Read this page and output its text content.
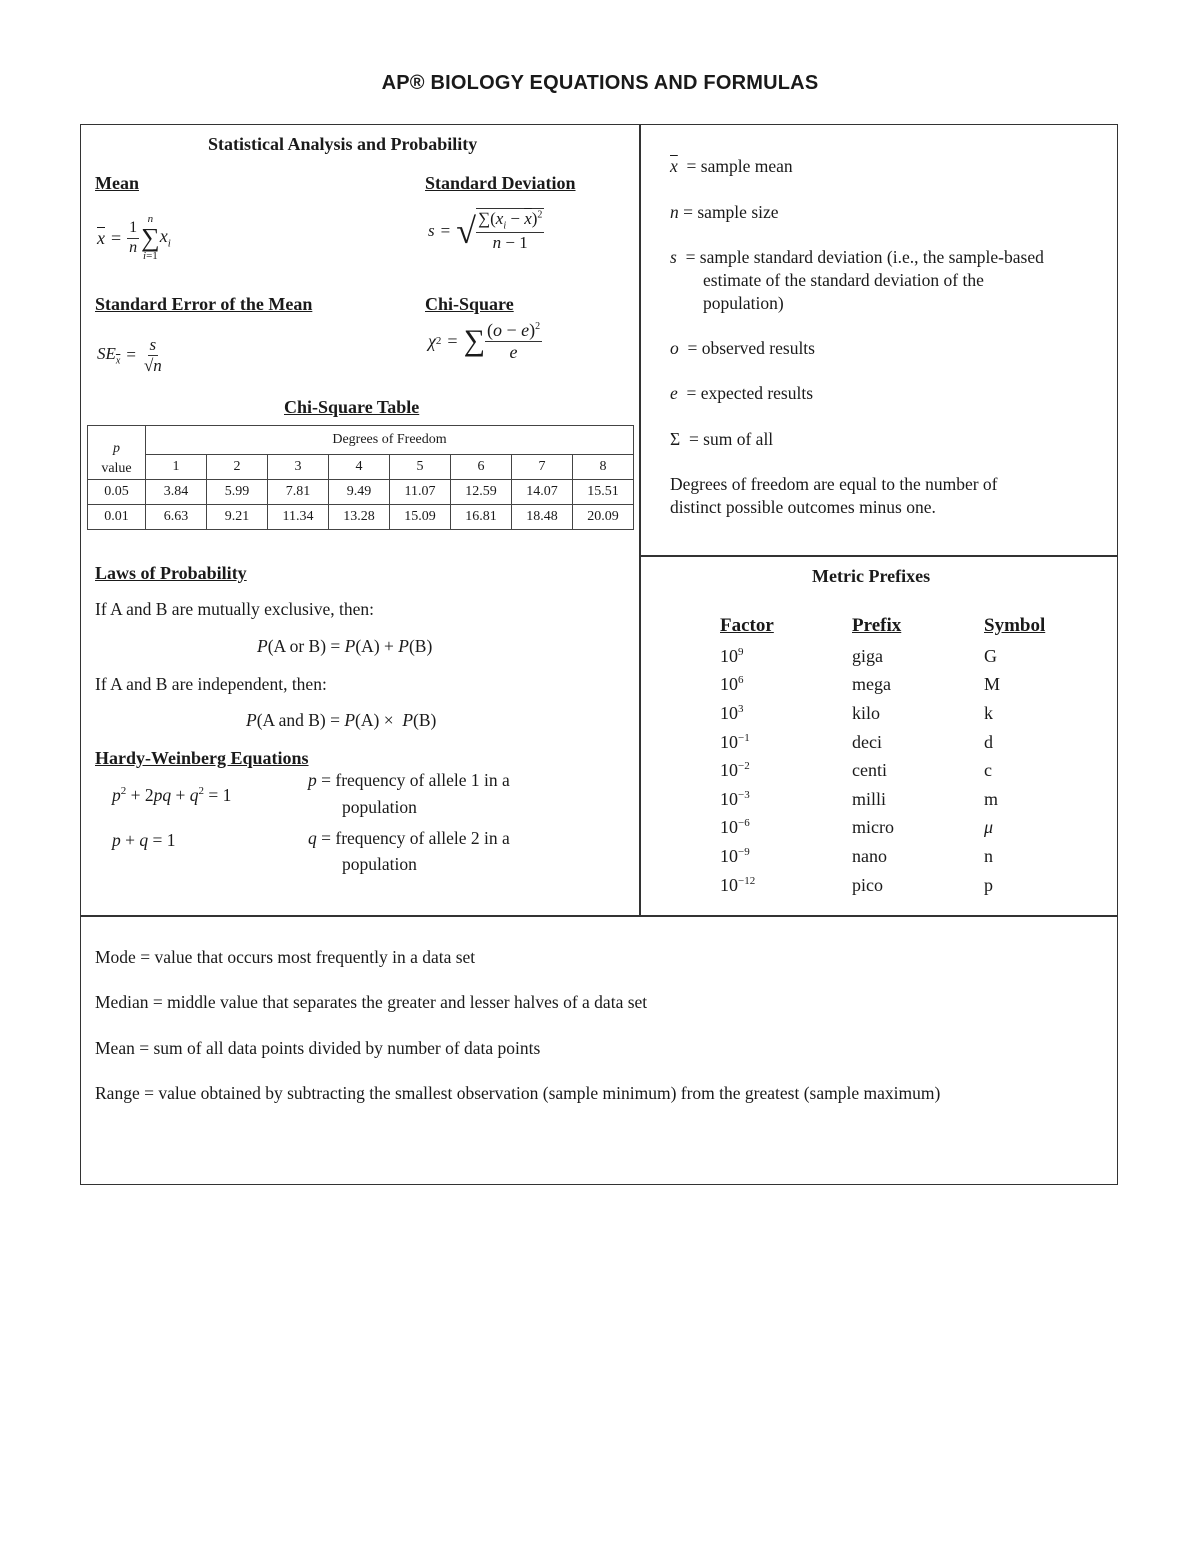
AP® BIOLOGY EQUATIONS AND FORMULAS
Statistical Analysis and Probability
Mean	Standard Deviation
$\overline{x} = \frac{1}{n}$
n
∑
i=1
$x_i$
s = √ $\frac{\sum(x_i - \overline{x})^2}{n - 1}$
Standard Error of the Mean	Chi-Square
$SE_{\overline{x}} = \frac{s}{√n}$	χ 2 = ∑ $\frac{(o - e)^2}{e}$
Chi-Square Table
p
value	Degrees of Freedom							
	1	2	3	4	5	6	7	8
0.05	3.84	5.99	7.81	9.49	11.07	12.59	14.07	15.51
0.01	6.63	9.21	11.34	13.28	15.09	16.81	18.48	20.09
Laws of Probability
If A and B are mutually exclusive, then:
P(A or B) = P(A) + P(B)
If A and B are independent, then:
P(A and B) = P(A) ×  P(B)
Hardy-Weinberg Equations
$p^2 + 2pq + q^2 = 1$
p + q = 1
p = frequency of allele 1 in a
population
q = frequency of allele 2 in a
population
$\overline{x}$ = sample mean
n = sample size
s = sample standard deviation (i.e., the sample-based
estimate of the standard deviation of the
population)
o = observed results
e = expected results
Σ  = sum of all
Degrees of freedom are equal to the number of
distinct possible outcomes minus one.
Metric Prefixes
Factor	Prefix	Symbol
$10^9$	giga	G
$10^6$	mega	M
$10^3$	kilo	k
$10^{-1}$	deci	d
$10^{-2}$	centi	c
$10^{-3}$	milli	m
$10^{-6}$	micro	μ
$10^{-9}$	nano	n
$10^{-12}$	pico	p
Mode = value that occurs most frequently in a data set
Median = middle value that separates the greater and lesser halves of a data set
Mean = sum of all data points divided by number of data points
Range = value obtained by subtracting the smallest observation (sample minimum) from the greatest (sample maximum)
